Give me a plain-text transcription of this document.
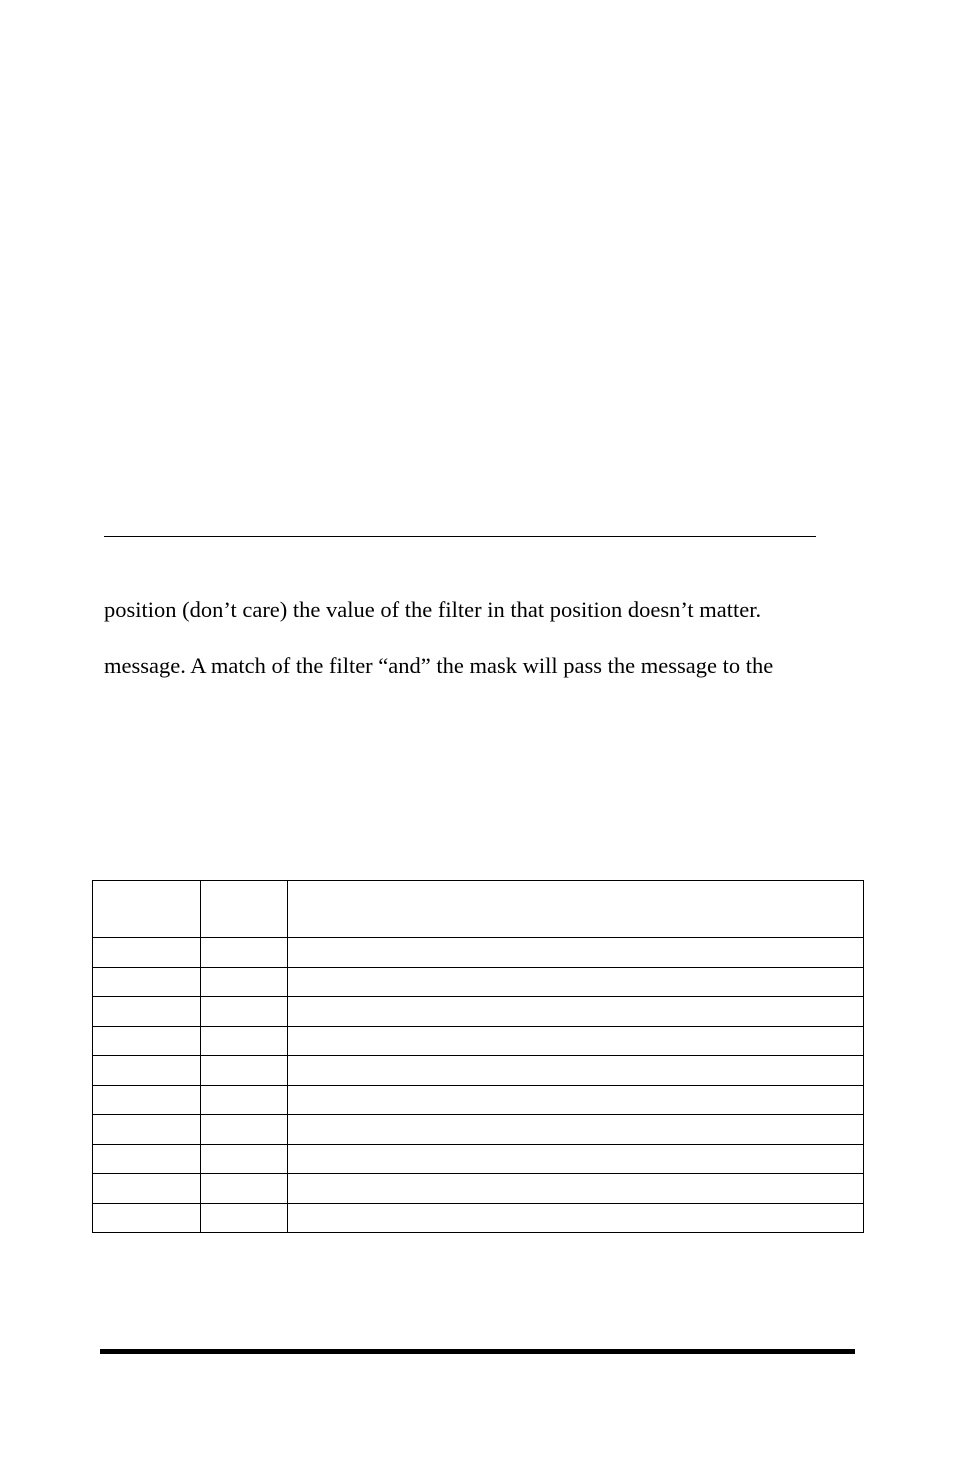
position (don’t care) the value of the filter in that position doesn’t matter.

message. A match of the filter “and” the mask will pass the message to the
